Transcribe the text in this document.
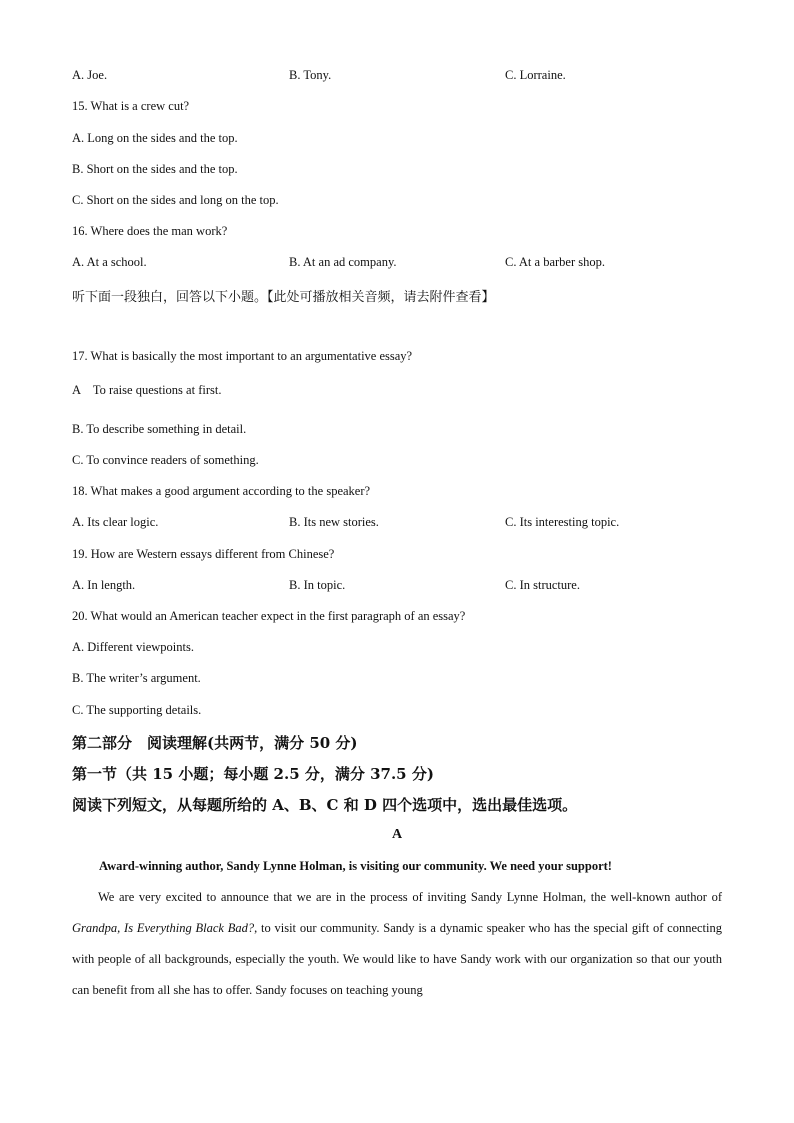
A. Joe.	B. Tony.	C. Lorraine.
15. What is a crew cut?
A. Long on the sides and the top.
B. Short on the sides and the top.
C. Short on the sides and long on the top.
16. Where does the man work?
A. At a school.	B. At an ad company.	C. At a barber shop.
听下面一段独白，回答以下小题。【此处可播放相关音频，请去附件查看】
17. What is basically the most important to an argumentative essay?
A　To raise questions at first.
B. To describe something in detail.
C. To convince readers of something.
18. What makes a good argument according to the speaker?
A. Its clear logic.	B. Its new stories.	C. Its interesting topic.
19. How are Western essays different from Chinese?
A. In length.	B. In topic.	C. In structure.
20. What would an American teacher expect in the first paragraph of an essay?
A. Different viewpoints.
B. The writer’s argument.
C. The supporting details.
第二部分　阅读理解(共两节，满分 50 分)
第一节（共 15 小题；每小题 2.5 分，满分 37.5 分)
阅读下列短文，从每题所给的 A、B、C 和 D 四个选项中，选出最佳选项。
A
Award-winning author, Sandy Lynne Holman, is visiting our community. We need your support!
We are very excited to announce that we are in the process of inviting Sandy Lynne Holman, the well-known author of Grandpa, Is Everything Black Bad?, to visit our community. Sandy is a dynamic speaker who has the special gift of connecting with people of all backgrounds, especially the youth. We would like to have Sandy work with our organization so that our youth can benefit from all she has to offer. Sandy focuses on teaching young
